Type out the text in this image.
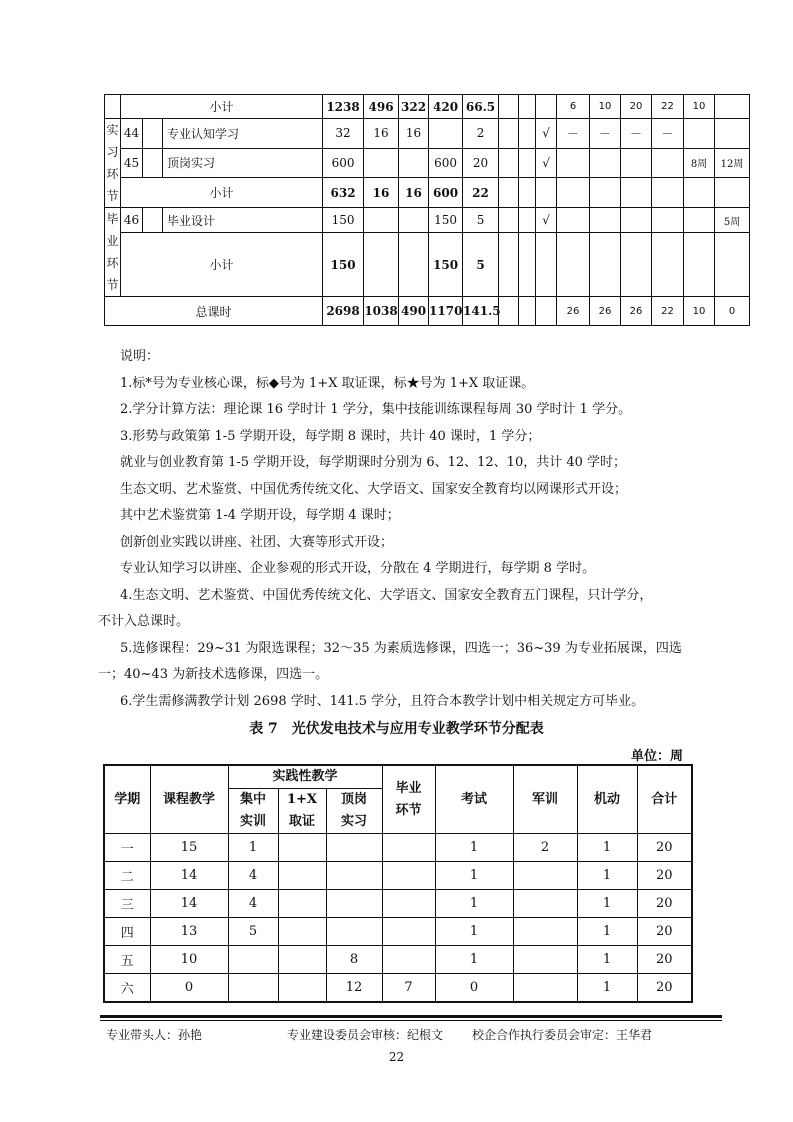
	小计			1238	496	322	420	66.5				6	10	20	22	10	
实
习
环
节	44		专业认知学习	32	16	16		2			√	－	－	－	－		
	45		顶岗实习	600			600	20			√					8周	12周
	小计			632	16	16	600	22									
毕
业
环
节	46		毕业设计	150			150	5			√						5周
	小计			150			150	5									
总课时				2698	1038	490	1170	141.5				26	26	26	22	10	0

说明：

1.标*号为专业核心课，标◆号为 1+X 取证课，标★号为 1+X 取证课。

2.学分计算方法：理论课 16 学时计 1 学分，集中技能训练课程每周 30 学时计 1 学分。

3.形势与政策第 1-5 学期开设，每学期 8 课时，共计 40 课时，1 学分；

就业与创业教育第 1-5 学期开设，每学期课时分别为 6、12、12、10，共计 40 学时；

生态文明、艺术鉴赏、中国优秀传统文化、大学语文、国家安全教育均以网课形式开设；

其中艺术鉴赏第 1-4 学期开设，每学期 4 课时；

创新创业实践以讲座、社团、大赛等形式开设；

专业认知学习以讲座、企业参观的形式开设，分散在 4 学期进行，每学期 8 学时。

4.生态文明、艺术鉴赏、中国优秀传统文化、大学语文、国家安全教育五门课程，只计学分，

不计入总课时。

5.选修课程：29~31 为限选课程；32～35 为素质选修课，四选一；36~39 为专业拓展课，四选

一；40~43 为新技术选修课，四选一。

6.学生需修满教学计划 2698 学时、141.5 学分，且符合本教学计划中相关规定方可毕业。

表 7　光伏发电技术与应用专业教学环节分配表
单位：周
学期	课程教学	实践性教学			毕业环节	考试	军训	机动	合计
		集中实训	1+X取证	顶岗实习					
一	15	1				1	2	1	20
二	14	4				1		1	20
三	14	4				1		1	20
四	13	5				1		1	20
五	10			8		1		1	20
六	0			12	7	0		1	20
专业带头人：孙艳	专业建设委员会审核：纪根文 校企合作执行委员会审定：王华君
22
